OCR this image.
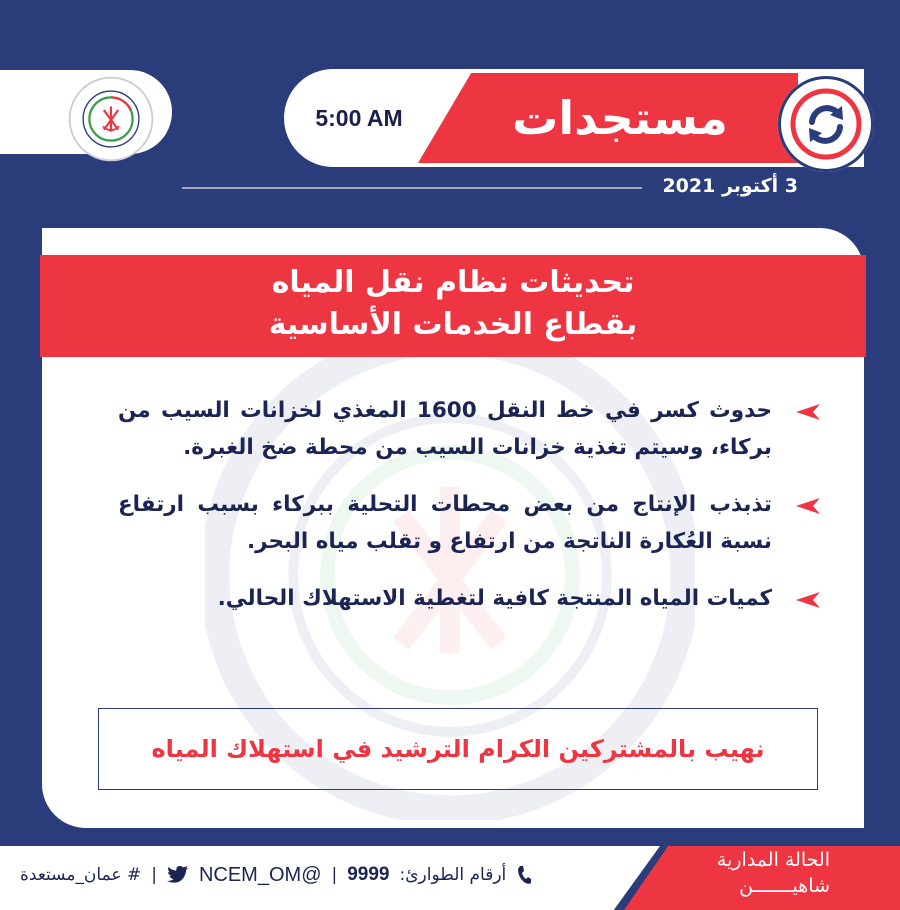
5:00 AM	مستجدات
3 أكتوبر 2021
تحديثات نظام نقل المياه
بقطاع الخدمات الأساسية
حدوث كسر في خط النقل 1600 المغذي لخزانات السيب من بركاء، وسيتم تغذية خزانات السيب من محطة ضخ الغبرة.
تذبذب الإنتاج من بعض محطات التحلية ببركاء بسبب ارتفاع نسبة العُكارة الناتجة من ارتفاع و تقلب مياه البحر.
كميات المياه المنتجة كافية لتغطية الاستهلاك الحالي.
نهيب بالمشتركين الكرام الترشيد في استهلاك المياه
أرقام الطوارئ:
9999
|
@NCEM_OM
|
# عمان_مستعدة
الحالة المدارية
شاهيـــــــن
